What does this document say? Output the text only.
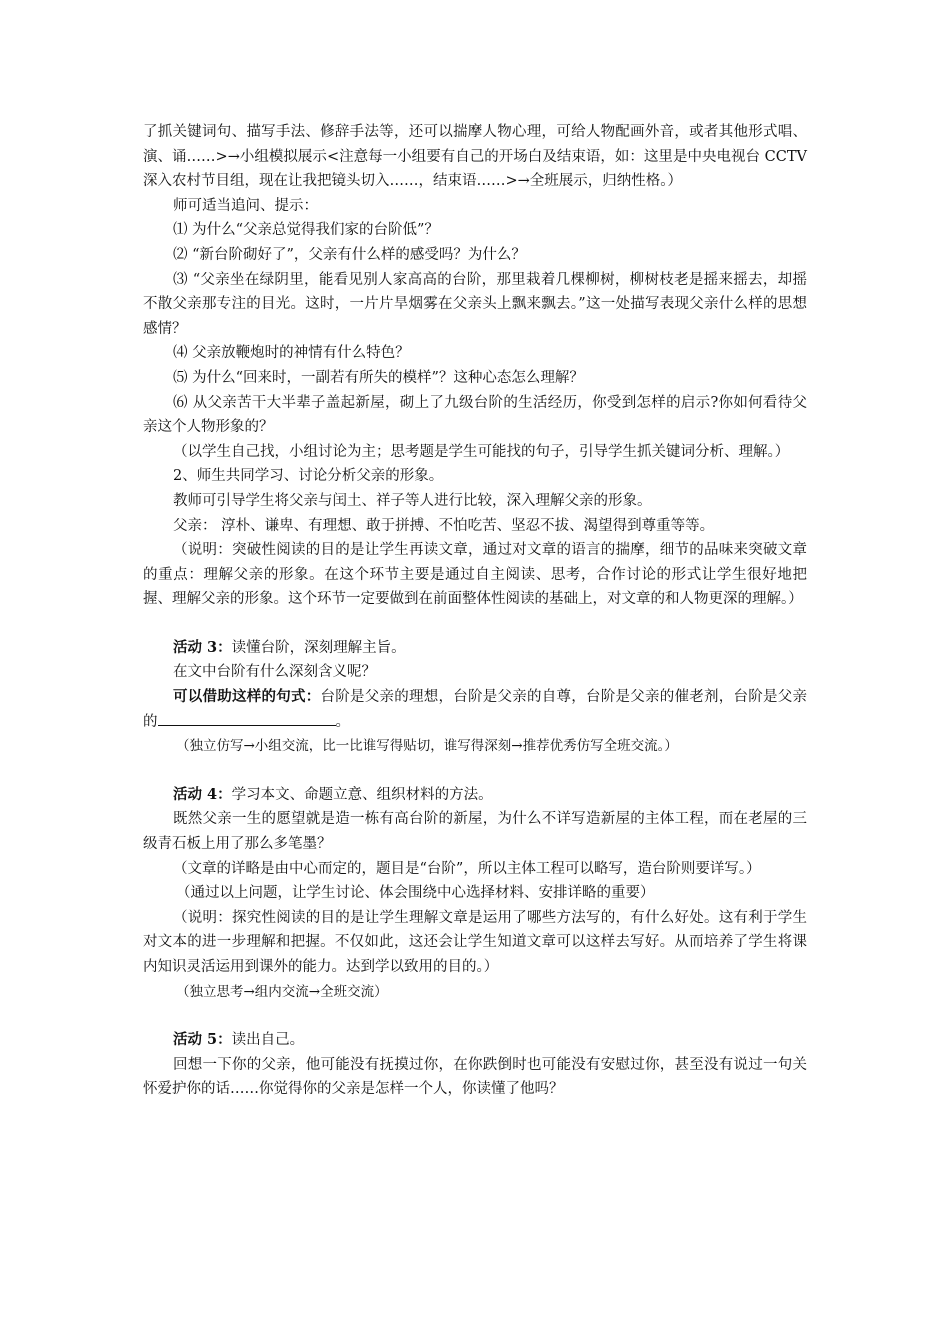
了抓关键词句、描写手法、修辞手法等，还可以揣摩人物心理，可给人物配画外音，或者其他形式唱、演、诵……>→小组模拟展示<注意每一小组要有自己的开场白及结束语，如：这里是中央电视台 CCTV 深入农村节目组，现在让我把镜头切入……，结束语……>→全班展示，归纳性格。）

师可适当追问、提示：

⑴ 为什么“父亲总觉得我们家的台阶低”？

⑵ “新台阶砌好了”，父亲有什么样的感受吗？为什么？

⑶ “父亲坐在绿阴里，能看见别人家高高的台阶，那里栽着几棵柳树，柳树枝老是摇来摇去，却摇不散父亲那专注的目光。这时，一片片旱烟雾在父亲头上飘来飘去。”这一处描写表现父亲什么样的思想感情？

⑷ 父亲放鞭炮时的神情有什么特色？

⑸ 为什么“回来时，一副若有所失的模样”？这种心态怎么理解？

⑹ 从父亲苦干大半辈子盖起新屋，砌上了九级台阶的生活经历，你受到怎样的启示?你如何看待父亲这个人物形象的？

（以学生自己找，小组讨论为主；思考题是学生可能找的句子，引导学生抓关键词分析、理解。）

2、师生共同学习、讨论分析父亲的形象。

教师可引导学生将父亲与闰土、祥子等人进行比较，深入理解父亲的形象。

父亲： 淳朴、谦卑、有理想、敢于拼搏、不怕吃苦、坚忍不拔、渴望得到尊重等等。

（说明：突破性阅读的目的是让学生再读文章，通过对文章的语言的揣摩，细节的品味来突破文章的重点：理解父亲的形象。在这个环节主要是通过自主阅读、思考，合作讨论的形式让学生很好地把握、理解父亲的形象。这个环节一定要做到在前面整体性阅读的基础上，对文章的和人物更深的理解。）

活动 3：读懂台阶，深刻理解主旨。

在文中台阶有什么深刻含义呢？

可以借助这样的句式：台阶是父亲的理想，台阶是父亲的自尊，台阶是父亲的催老剂，台阶是父亲的	。

（独立仿写→小组交流，比一比谁写得贴切，谁写得深刻→推荐优秀仿写全班交流。）

活动 4：学习本文、命题立意、组织材料的方法。

既然父亲一生的愿望就是造一栋有高台阶的新屋，为什么不详写造新屋的主体工程，而在老屋的三级青石板上用了那么多笔墨？

（文章的详略是由中心而定的，题目是“台阶”，所以主体工程可以略写，造台阶则要详写。）

（通过以上问题，让学生讨论、体会围绕中心选择材料、安排详略的重要）

（说明：探究性阅读的目的是让学生理解文章是运用了哪些方法写的，有什么好处。这有利于学生对文本的进一步理解和把握。不仅如此，这还会让学生知道文章可以这样去写好。从而培养了学生将课内知识灵活运用到课外的能力。达到学以致用的目的。）

（独立思考→组内交流→全班交流）

活动 5：读出自己。

回想一下你的父亲，他可能没有抚摸过你，在你跌倒时也可能没有安慰过你，甚至没有说过一句关怀爱护你的话……你觉得你的父亲是怎样一个人，你读懂了他吗？
